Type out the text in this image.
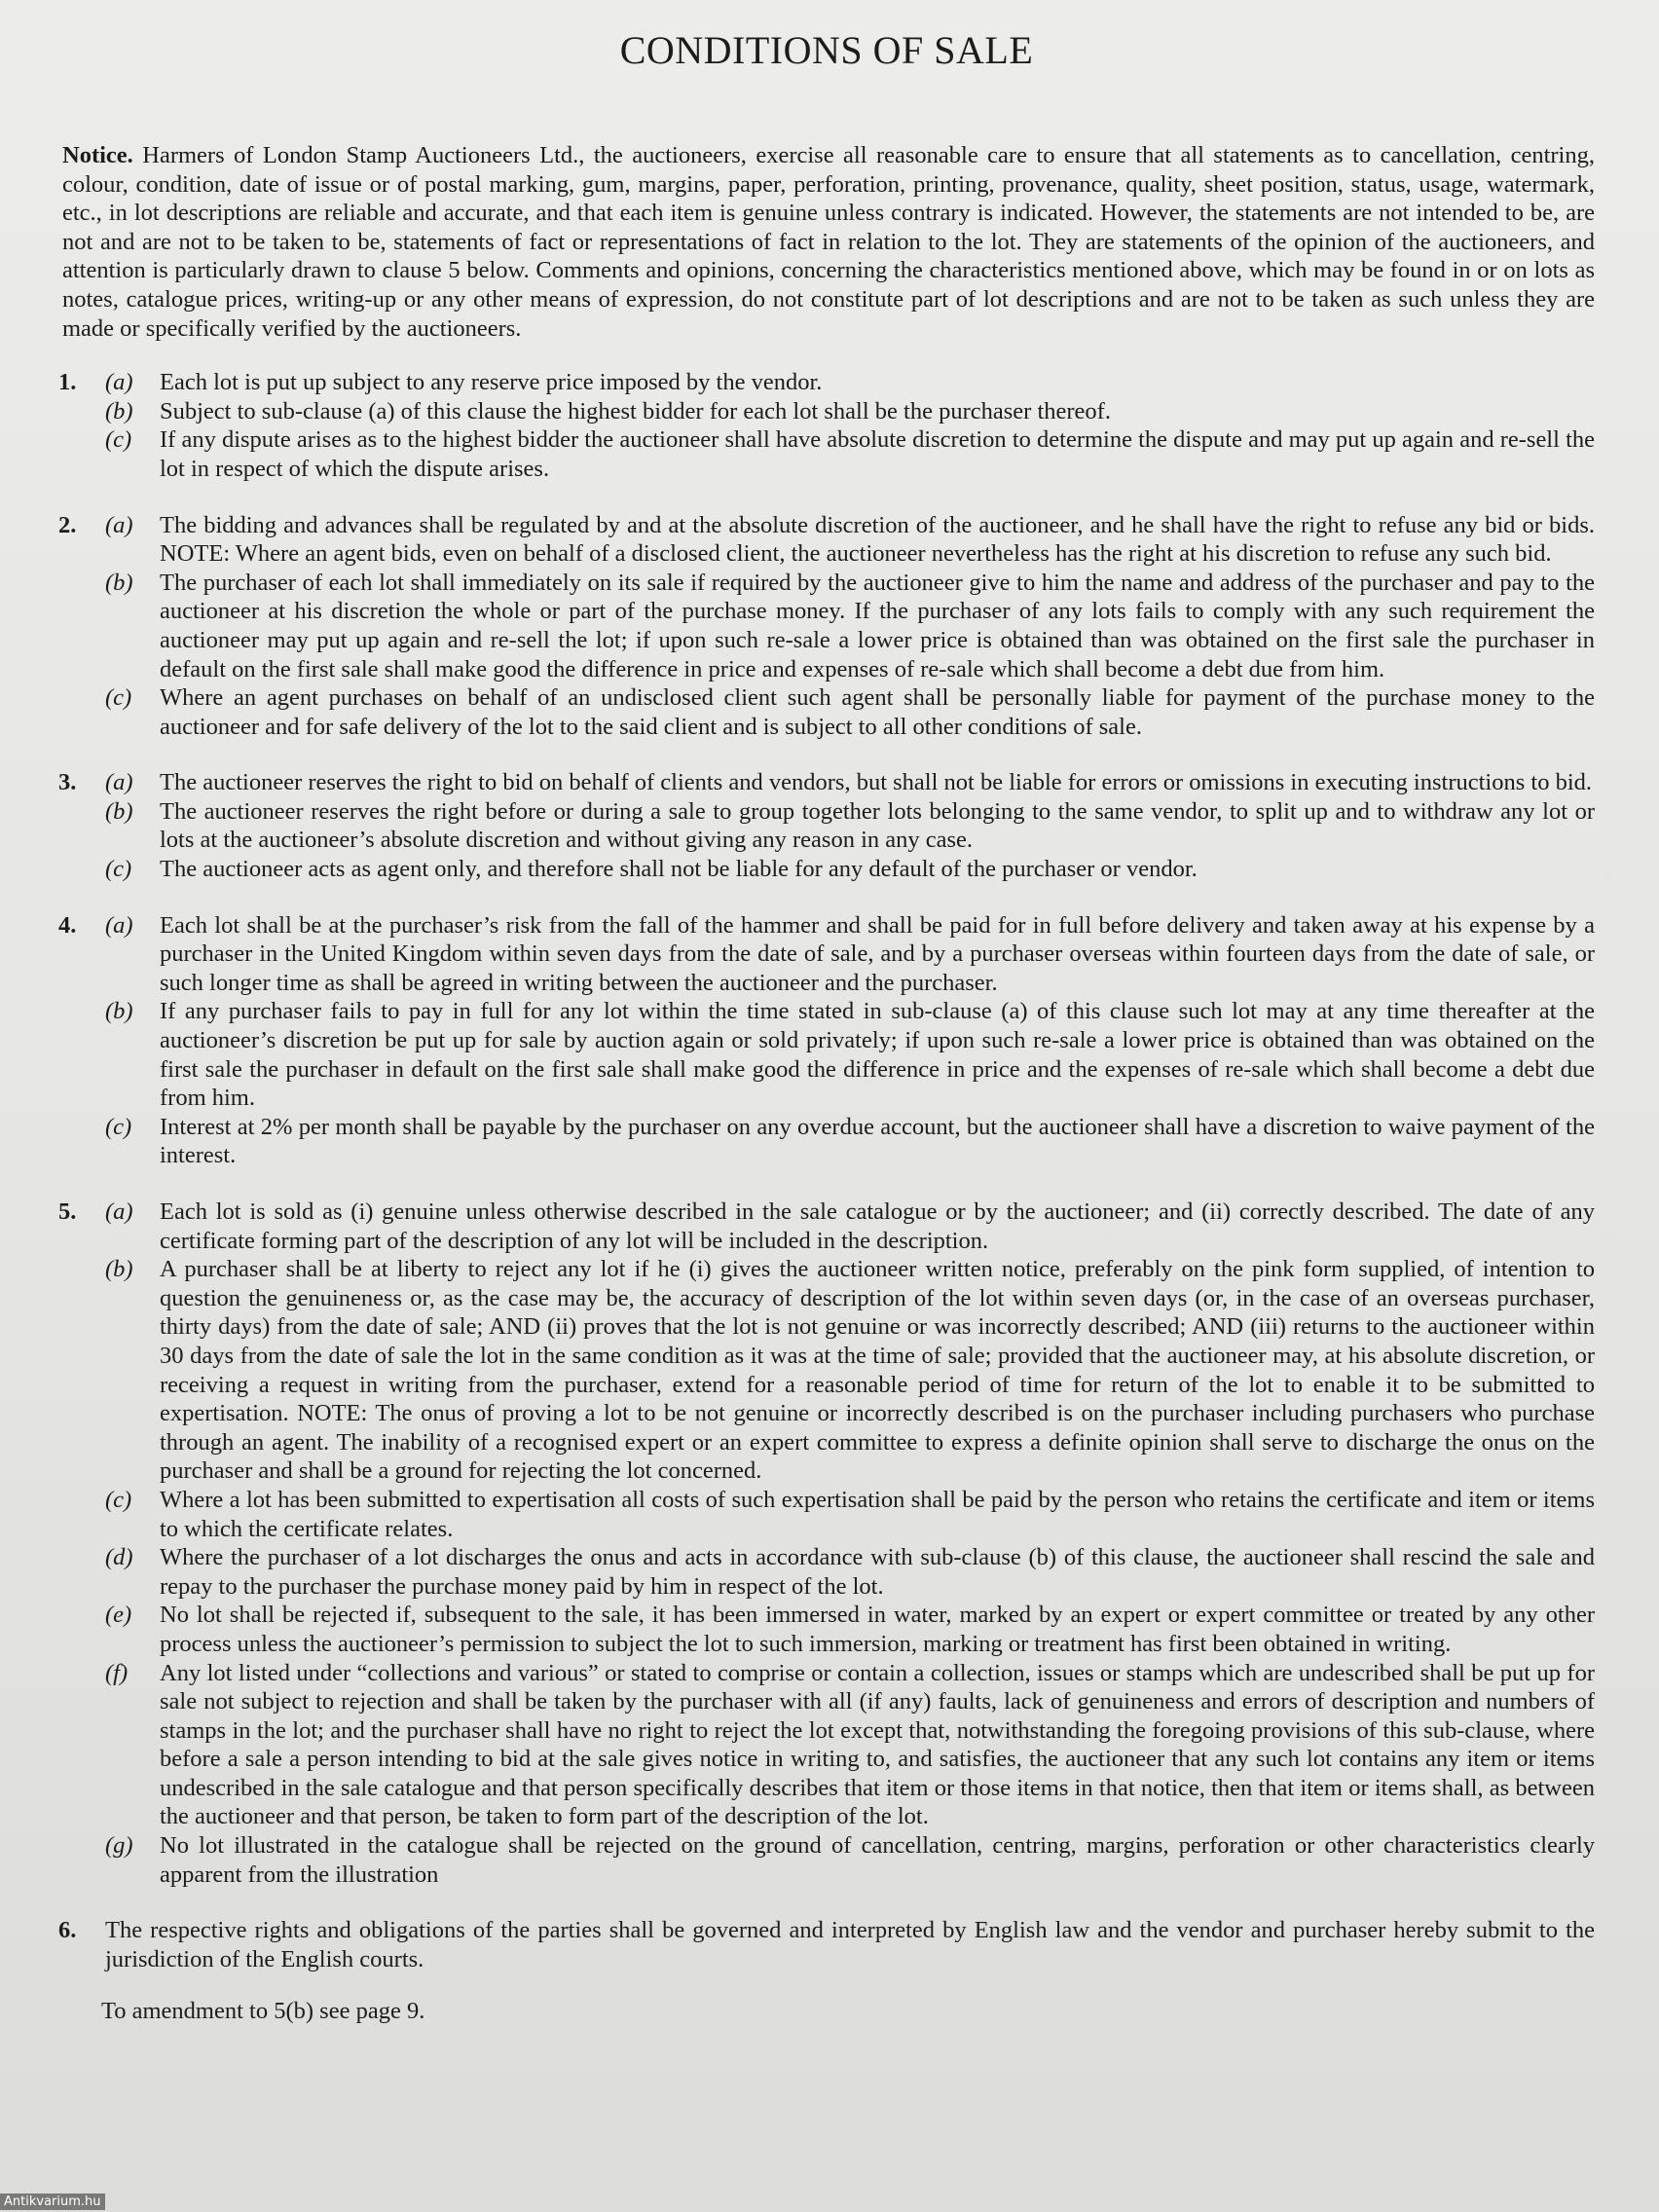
CONDITIONS OF SALE

Notice. Harmers of London Stamp Auctioneers Ltd., the auctioneers, exercise all reasonable care to ensure that all statements as to cancellation, centring, colour, condition, date of issue or of postal marking, gum, margins, paper, perforation, printing, provenance, quality, sheet position, status, usage, watermark, etc., in lot descriptions are reliable and accurate, and that each item is genuine unless contrary is indicated. However, the statements are not intended to be, are not and are not to be taken to be, statements of fact or representations of fact in relation to the lot. They are statements of the opinion of the auctioneers, and attention is particularly drawn to clause 5 below. Comments and opinions, concerning the characteristics mentioned above, which may be found in or on lots as notes, catalogue prices, writing-up or any other means of expression, do not constitute part of lot descriptions and are not to be taken as such unless they are made or specifically verified by the auctioneers.

1.	(a)	Each lot is put up subject to any reserve price imposed by the vendor.
(b)	Subject to sub-clause (a) of this clause the highest bidder for each lot shall be the purchaser thereof.
(c)	If any dispute arises as to the highest bidder the auctioneer shall have absolute discretion to determine the dispute and may put up again and re-sell the lot in respect of which the dispute arises.
2.	(a)	The bidding and advances shall be regulated by and at the absolute discretion of the auctioneer, and he shall have the right to refuse any bid or bids. NOTE: Where an agent bids, even on behalf of a disclosed client, the auctioneer nevertheless has the right at his discretion to refuse any such bid.
(b)	The purchaser of each lot shall immediately on its sale if required by the auctioneer give to him the name and address of the purchaser and pay to the auctioneer at his discretion the whole or part of the purchase money. If the purchaser of any lots fails to comply with any such requirement the auctioneer may put up again and re-sell the lot; if upon such re-sale a lower price is obtained than was obtained on the first sale the purchaser in default on the first sale shall make good the difference in price and expenses of re-sale which shall become a debt due from him.
(c)	Where an agent purchases on behalf of an undisclosed client such agent shall be personally liable for payment of the purchase money to the auctioneer and for safe delivery of the lot to the said client and is subject to all other conditions of sale.
3.	(a)	The auctioneer reserves the right to bid on behalf of clients and vendors, but shall not be liable for errors or omissions in executing instructions to bid.
(b)	The auctioneer reserves the right before or during a sale to group together lots belonging to the same vendor, to split up and to withdraw any lot or lots at the auctioneer’s absolute discretion and without giving any reason in any case.
(c)	The auctioneer acts as agent only, and therefore shall not be liable for any default of the purchaser or vendor.
4.	(a)	Each lot shall be at the purchaser’s risk from the fall of the hammer and shall be paid for in full before delivery and taken away at his expense by a purchaser in the United Kingdom within seven days from the date of sale, and by a purchaser overseas within fourteen days from the date of sale, or such longer time as shall be agreed in writing between the auctioneer and the purchaser.
(b)	If any purchaser fails to pay in full for any lot within the time stated in sub-clause (a) of this clause such lot may at any time thereafter at the auctioneer’s discretion be put up for sale by auction again or sold privately; if upon such re-sale a lower price is obtained than was obtained on the first sale the purchaser in default on the first sale shall make good the difference in price and the expenses of re-sale which shall become a debt due from him.
(c)	Interest at 2% per month shall be payable by the purchaser on any overdue account, but the auctioneer shall have a discretion to waive payment of the interest.
5.	(a)	Each lot is sold as (i) genuine unless otherwise described in the sale catalogue or by the auctioneer; and (ii) correctly described. The date of any certificate forming part of the description of any lot will be included in the description.
(b)	A purchaser shall be at liberty to reject any lot if he (i) gives the auctioneer written notice, preferably on the pink form supplied, of intention to question the genuineness or, as the case may be, the accuracy of description of the lot within seven days (or, in the case of an overseas purchaser, thirty days) from the date of sale; AND (ii) proves that the lot is not genuine or was incorrectly described; AND (iii) returns to the auctioneer within 30 days from the date of sale the lot in the same condition as it was at the time of sale; provided that the auctioneer may, at his absolute discretion, or receiving a request in writing from the purchaser, extend for a reasonable period of time for return of the lot to enable it to be submitted to expertisation. NOTE: The onus of proving a lot to be not genuine or incorrectly described is on the purchaser including purchasers who purchase through an agent. The inability of a recognised expert or an expert committee to express a definite opinion shall serve to discharge the onus on the purchaser and shall be a ground for rejecting the lot concerned.
(c)	Where a lot has been submitted to expertisation all costs of such expertisation shall be paid by the person who retains the certificate and item or items to which the certificate relates.
(d)	Where the purchaser of a lot discharges the onus and acts in accordance with sub-clause (b) of this clause, the auctioneer shall rescind the sale and repay to the purchaser the purchase money paid by him in respect of the lot.
(e)	No lot shall be rejected if, subsequent to the sale, it has been immersed in water, marked by an expert or expert committee or treated by any other process unless the auctioneer’s permission to subject the lot to such immersion, marking or treatment has first been obtained in writing.
(f)	Any lot listed under “collections and various” or stated to comprise or contain a collection, issues or stamps which are undescribed shall be put up for sale not subject to rejection and shall be taken by the purchaser with all (if any) faults, lack of genuineness and errors of description and numbers of stamps in the lot; and the purchaser shall have no right to reject the lot except that, notwithstanding the foregoing provisions of this sub-clause, where before a sale a person intending to bid at the sale gives notice in writing to, and satisfies, the auctioneer that any such lot contains any item or items undescribed in the sale catalogue and that person specifically describes that item or those items in that notice, then that item or items shall, as between the auctioneer and that person, be taken to form part of the description of the lot.
(g)	No lot illustrated in the catalogue shall be rejected on the ground of cancellation, centring, margins, perforation or other characteristics clearly apparent from the illustration
6.	The respective rights and obligations of the parties shall be governed and interpreted by English law and the vendor and purchaser hereby submit to the jurisdiction of the English courts.
To amendment to 5(b) see page 9.
Antikvarium.hu
